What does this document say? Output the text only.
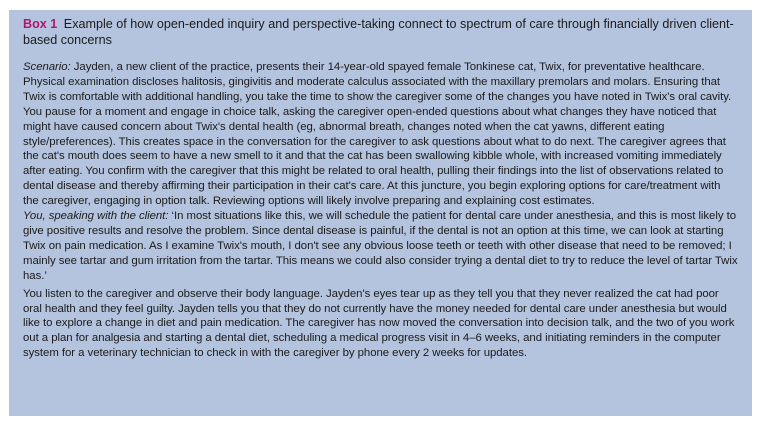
Box 1 Example of how open-ended inquiry and perspective-taking connect to spectrum of care through financially driven client-based concerns

Scenario: Jayden, a new client of the practice, presents their 14-year-old spayed female Tonkinese cat, Twix, for preventative healthcare. Physical examination discloses halitosis, gingivitis and moderate calculus associated with the maxillary premolars and molars. Ensuring that Twix is comfortable with additional handling, you take the time to show the caregiver some of the changes you have noted in Twix's oral cavity. You pause for a moment and engage in choice talk, asking the caregiver open-ended questions about what changes they have noticed that might have caused concern about Twix's dental health (eg, abnormal breath, changes noted when the cat yawns, different eating style/preferences). This creates space in the conversation for the caregiver to ask questions about what to do next. The caregiver agrees that the cat's mouth does seem to have a new smell to it and that the cat has been swallowing kibble whole, with increased vomiting immediately after eating. You confirm with the caregiver that this might be related to oral health, pulling their findings into the list of observations related to dental disease and thereby affirming their participation in their cat's care. At this juncture, you begin exploring options for care/treatment with the caregiver, engaging in option talk. Reviewing options will likely involve preparing and explaining cost estimates.

You, speaking with the client: ‘In most situations like this, we will schedule the patient for dental care under anesthesia, and this is most likely to give positive results and resolve the problem. Since dental disease is painful, if the dental is not an option at this time, we can look at starting Twix on pain medication. As I examine Twix's mouth, I don't see any obvious loose teeth or teeth with other disease that need to be removed; I mainly see tartar and gum irritation from the tartar. This means we could also consider trying a dental diet to try to reduce the level of tartar Twix has.’

You listen to the caregiver and observe their body language. Jayden's eyes tear up as they tell you that they never realized the cat had poor oral health and they feel guilty. Jayden tells you that they do not currently have the money needed for dental care under anesthesia but would like to explore a change in diet and pain medication. The caregiver has now moved the conversation into decision talk, and the two of you work out a plan for analgesia and starting a dental diet, scheduling a medical progress visit in 4–6 weeks, and initiating reminders in the computer system for a veterinary technician to check in with the caregiver by phone every 2 weeks for updates.
